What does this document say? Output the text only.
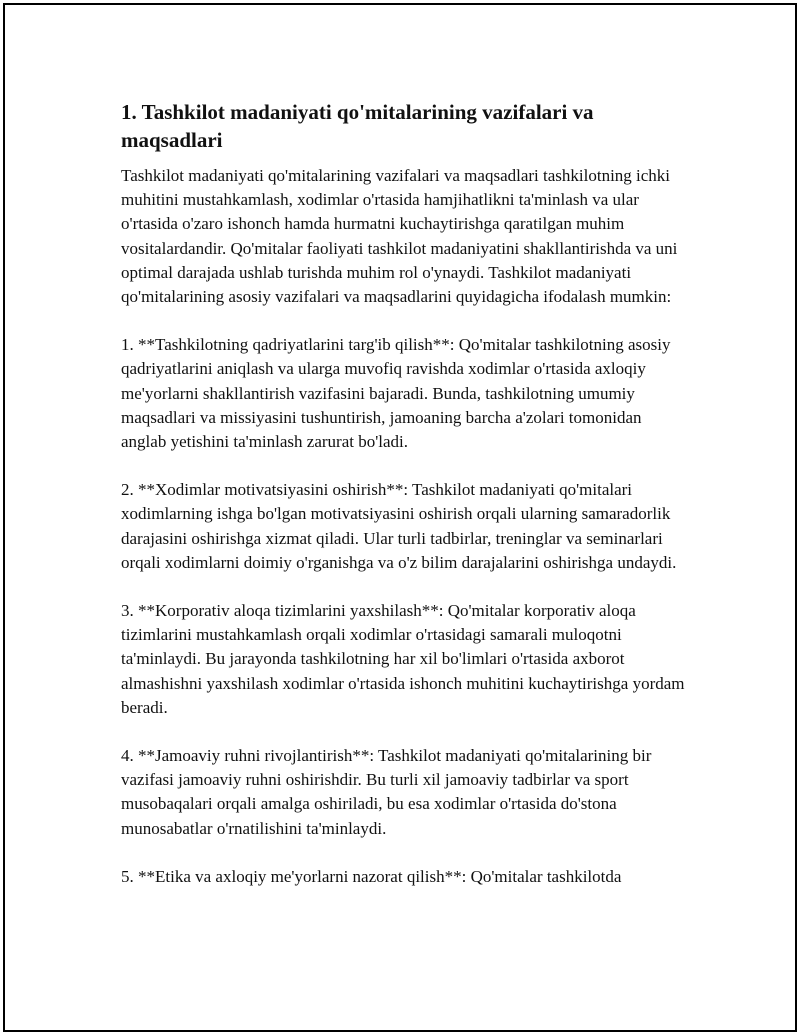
1. Tashkilot madaniyati qo'mitalarining vazifalari va maqsadlari

Tashkilot madaniyati qo'mitalarining vazifalari va maqsadlari tashkilotning ichki muhitini mustahkamlash, xodimlar o'rtasida hamjihatlikni ta'minlash va ular o'rtasida o'zaro ishonch hamda hurmatni kuchaytirishga qaratilgan muhim vositalardandir. Qo'mitalar faoliyati tashkilot madaniyatini shakllantirishda va uni optimal darajada ushlab turishda muhim rol o'ynaydi. Tashkilot madaniyati qo'mitalarining asosiy vazifalari va maqsadlarini quyidagicha ifodalash mumkin:

1. **Tashkilotning qadriyatlarini targ'ib qilish**: Qo'mitalar tashkilotning asosiy qadriyatlarini aniqlash va ularga muvofiq ravishda xodimlar o'rtasida axloqiy me'yorlarni shakllantirish vazifasini bajaradi. Bunda, tashkilotning umumiy maqsadlari va missiyasini tushuntirish, jamoaning barcha a'zolari tomonidan anglab yetishini ta'minlash zarurat bo'ladi.

2. **Xodimlar motivatsiyasini oshirish**: Tashkilot madaniyati qo'mitalari xodimlarning ishga bo'lgan motivatsiyasini oshirish orqali ularning samaradorlik darajasini oshirishga xizmat qiladi. Ular turli tadbirlar, treninglar va seminarlari orqali xodimlarni doimiy o'rganishga va o'z bilim darajalarini oshirishga undaydi.

3. **Korporativ aloqa tizimlarini yaxshilash**: Qo'mitalar korporativ aloqa tizimlarini mustahkamlash orqali xodimlar o'rtasidagi samarali muloqotni ta'minlaydi. Bu jarayonda tashkilotning har xil bo'limlari o'rtasida axborot almashishni yaxshilash xodimlar o'rtasida ishonch muhitini kuchaytirishga yordam beradi.

4. **Jamoaviy ruhni rivojlantirish**: Tashkilot madaniyati qo'mitalarining bir vazifasi jamoaviy ruhni oshirishdir. Bu turli xil jamoaviy tadbirlar va sport musobaqalari orqali amalga oshiriladi, bu esa xodimlar o'rtasida do'stona munosabatlar o'rnatilishini ta'minlaydi.

5. **Etika va axloqiy me'yorlarni nazorat qilish**: Qo'mitalar tashkilotda
